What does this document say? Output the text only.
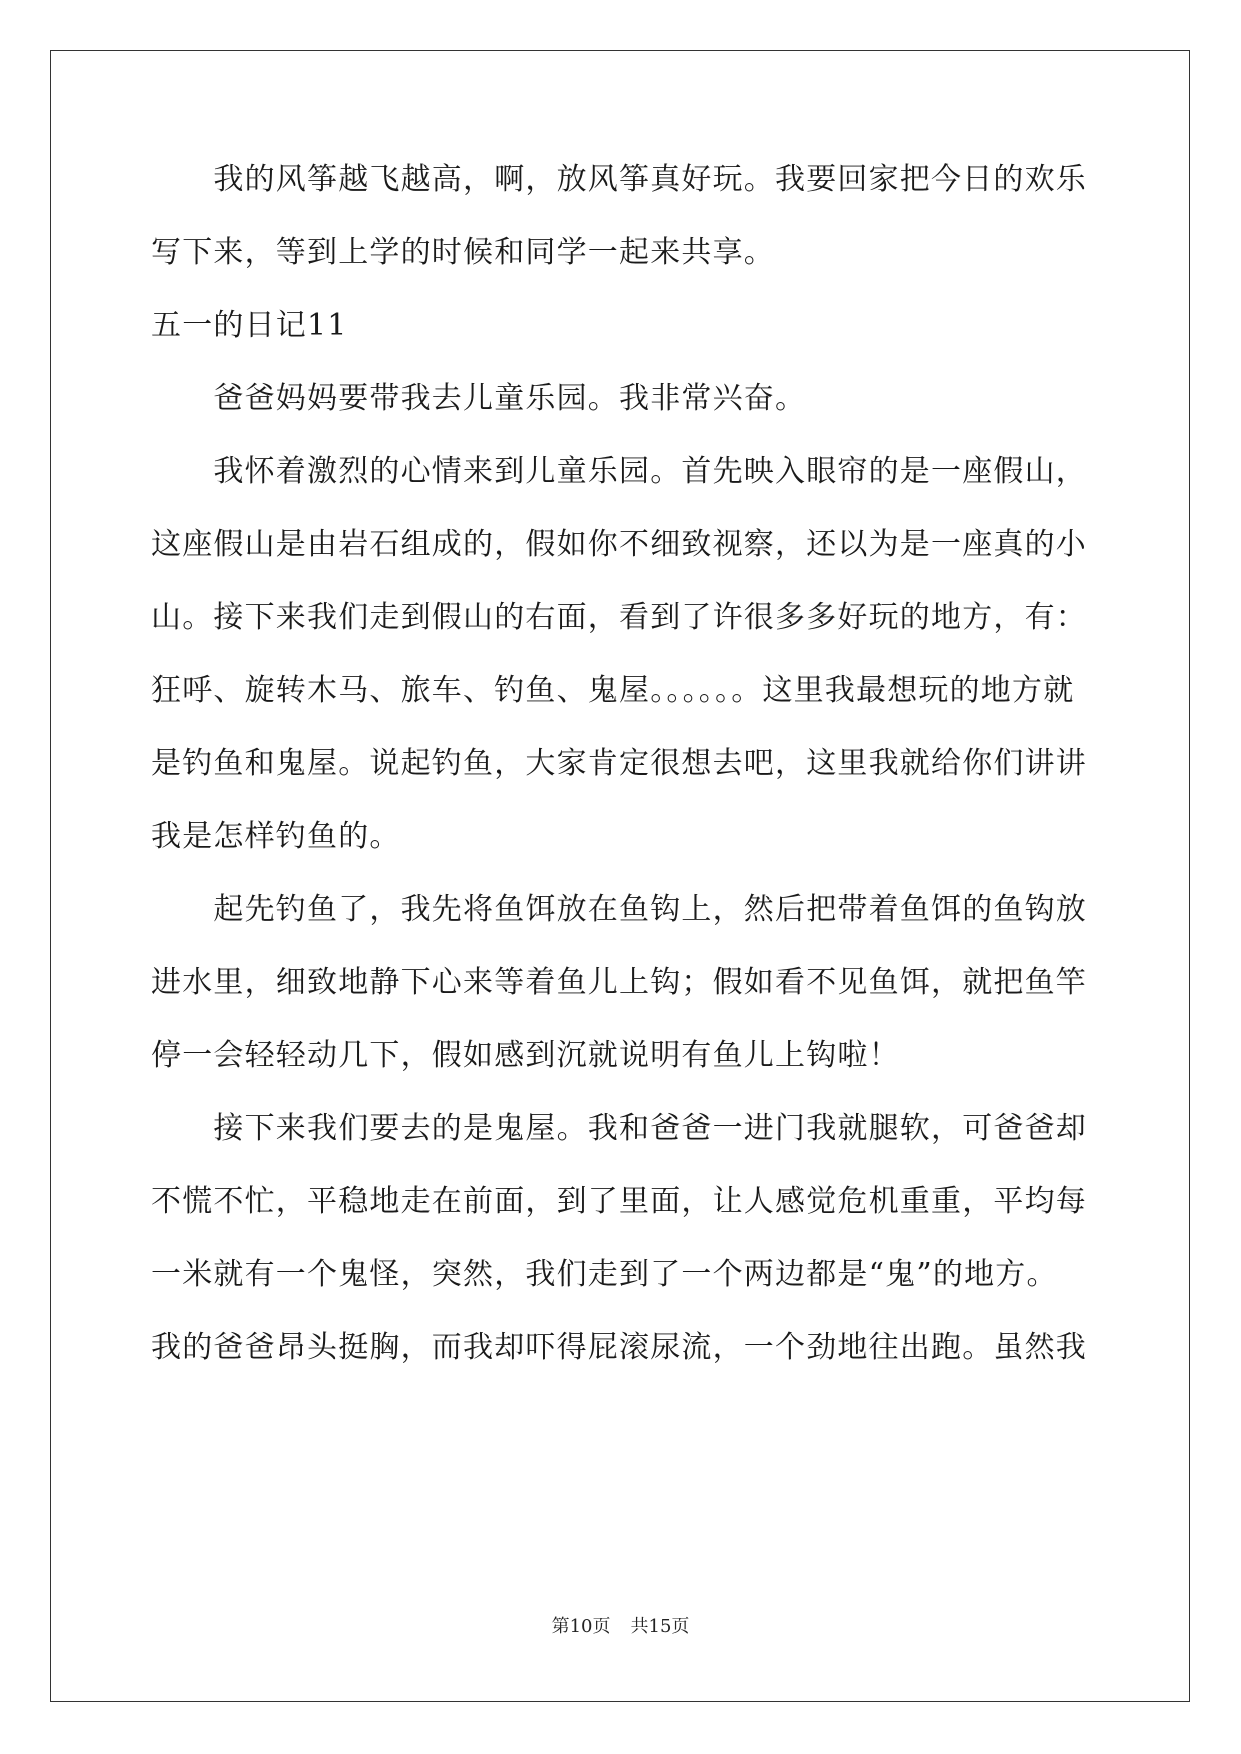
　　我的风筝越飞越高，啊，放风筝真好玩。我要回家把今日的欢乐
写下来，等到上学的时候和同学一起来共享。
五一的日记11
　　爸爸妈妈要带我去儿童乐园。我非常兴奋。
　　我怀着激烈的心情来到儿童乐园。首先映入眼帘的是一座假山，
这座假山是由岩石组成的，假如你不细致视察，还以为是一座真的小
山。接下来我们走到假山的右面，看到了许很多多好玩的地方，有：
狂呼、旋转木马、旅车、钓鱼、鬼屋。。。。。。这里我最想玩的地方就
是钓鱼和鬼屋。说起钓鱼，大家肯定很想去吧，这里我就给你们讲讲
我是怎样钓鱼的。
　　起先钓鱼了，我先将鱼饵放在鱼钩上，然后把带着鱼饵的鱼钩放
进水里，细致地静下心来等着鱼儿上钩；假如看不见鱼饵，就把鱼竿
停一会轻轻动几下，假如感到沉就说明有鱼儿上钩啦！
　　接下来我们要去的是鬼屋。我和爸爸一进门我就腿软，可爸爸却
不慌不忙，平稳地走在前面，到了里面，让人感觉危机重重，平均每
一米就有一个鬼怪，突然，我们走到了一个两边都是“鬼”的地方。
我的爸爸昂头挺胸，而我却吓得屁滚尿流，一个劲地往出跑。虽然我
第10页 共15页
